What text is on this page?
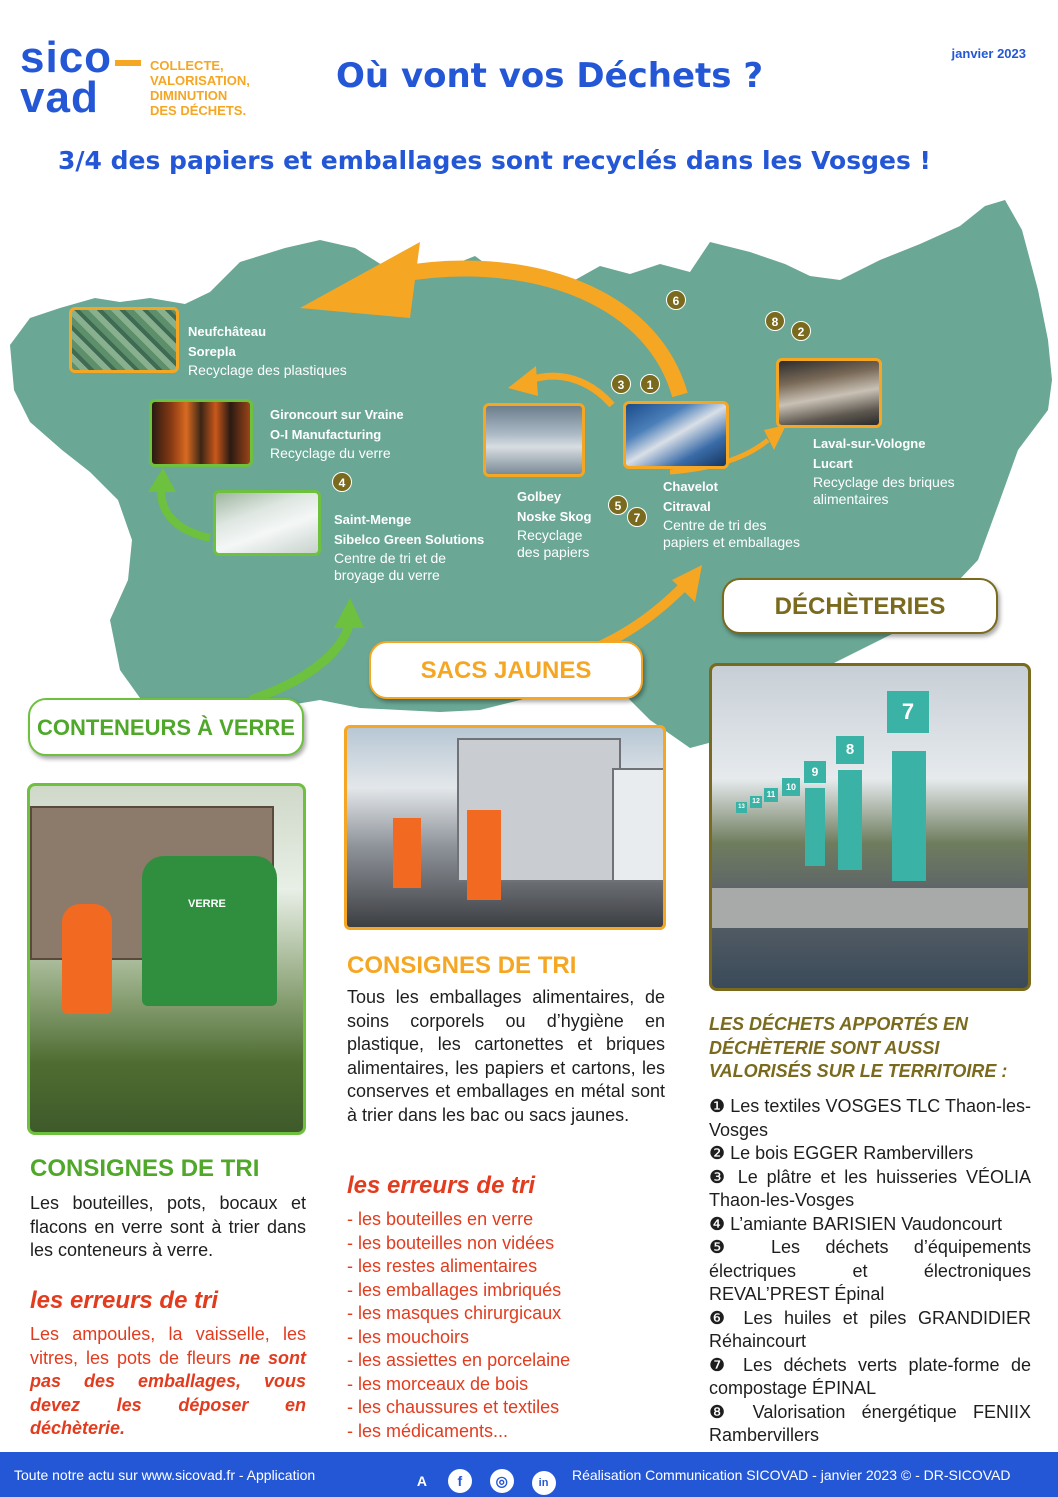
sico
vad
COLLECTE,
VALORISATION,
DIMINUTION
DES DÉCHETS.
janvier 2023
Où vont vos Déchets ?
3/4 des papiers et emballages sont recyclés dans les Vosges !
Neufchâteau
Sorepla
Recyclage des plastiques
Gironcourt sur Vraine
O-I Manufacturing
Recyclage du verre
Saint-Menge
Sibelco Green Solutions
Centre de tri et de
broyage du verre
Golbey
Noske Skog
Recyclage
des papiers
Chavelot
Citraval
Centre de tri des
papiers et emballages
Laval-sur-Vologne
Lucart
Recyclage des briques
alimentaires
6
8
2
3	1
4
5
7
DÉCHÈTERIES
SACS JAUNES
CONTENEURS À VERRE
VERRE
7
8
9
10
11
12
13
CONSIGNES DE TRI
Les bouteilles, pots, bocaux et flacons en verre sont à trier dans les conteneurs à verre.
les erreurs de tri
Les ampoules, la vaisselle, les vitres, les pots de fleurs ne sont pas des emballages, vous devez les déposer en déchèterie.
CONSIGNES DE TRI
Tous les emballages alimentaires, de soins corporels ou d’hygiène en plastique, les cartonettes et briques alimentaires, les papiers et cartons, les conserves et emballages en métal sont à trier dans les bac ou sacs jaunes.
les erreurs de tri
- les bouteilles en verre
- les bouteilles non vidées
- les restes alimentaires
- les emballages imbriqués
- les masques chirurgicaux
- les mouchoirs
- les assiettes en porcelaine
- les morceaux de bois
- les chaussures et textiles
- les médicaments...
LES DÉCHETS APPORTÉS EN DÉCHÈTERIE SONT AUSSI VALORISÉS SUR LE TERRITOIRE :
❶ Les textiles VOSGES TLC Thaon-les-Vosges
❷ Le bois EGGER Rambervillers
❸ Le plâtre et les huisseries VÉOLIA Thaon-les-Vosges
❹ L’amiante BARISIEN Vaudoncourt
❺ Les déchets d’équipements électriques et électroniques REVAL’PREST Épinal
❻ Les huiles et piles GRANDIDIER Réhaincourt
❼ Les déchets verts plate-forme de compostage ÉPINAL
❽ Valorisation énergétique FENIIX Rambervillers
Toute notre actu sur www.sicovad.fr - Application	A f ◎	in	Réalisation Communication SICOVAD - janvier 2023 © - DR-SICOVAD
